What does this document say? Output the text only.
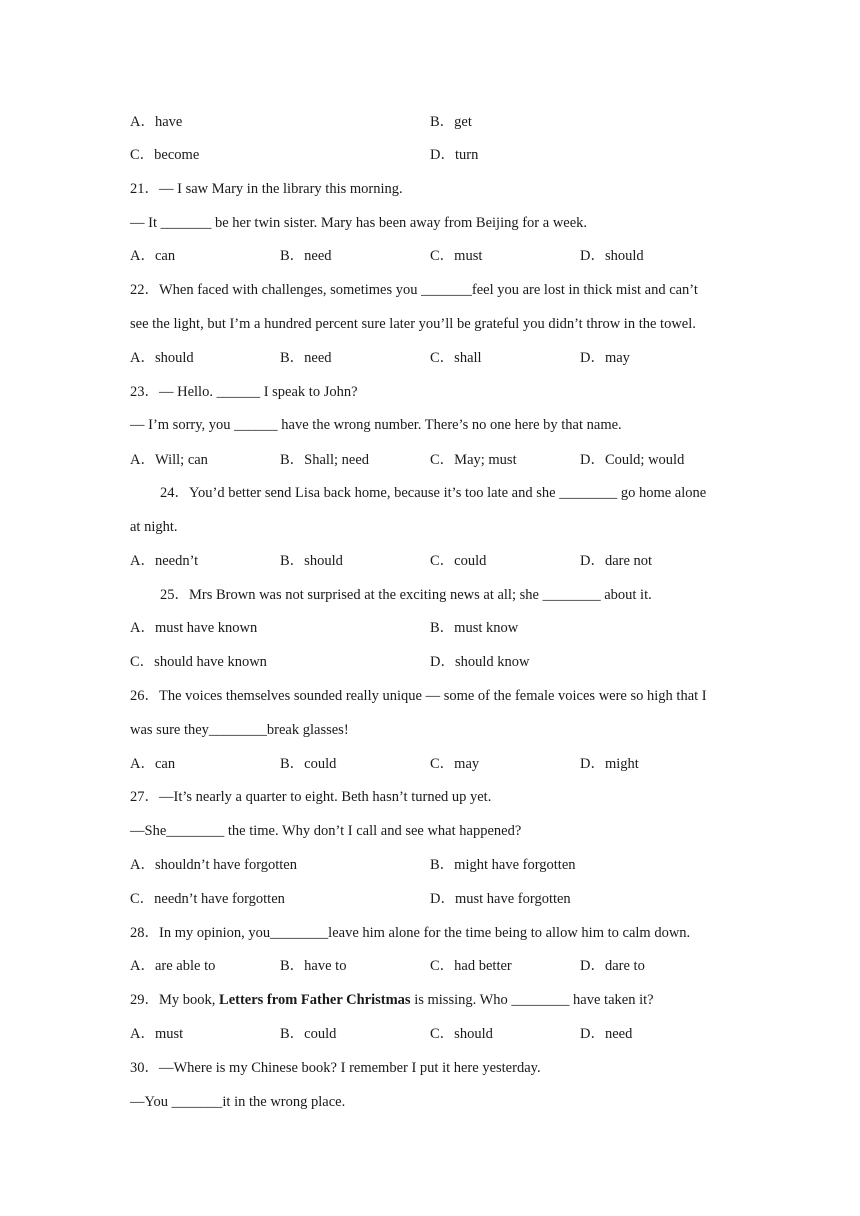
A．have	B．get
C．become	D．turn
21．— I saw Mary in the library this morning.
— It _______ be her twin sister. Mary has been away from Beijing for a week.
A．can	B．need	C．must	D．should
22．When faced with challenges, sometimes you _______feel you are lost in thick mist and can’t
see the light, but I’m a hundred percent sure later you’ll be grateful you didn’t throw in the towel.
A．should	B．need	C．shall	D．may
23．— Hello. ______ I speak to John?
— I’m sorry, you ______ have the wrong number. There’s no one here by that name.
A．Will; can	B．Shall; need	C．May; must	D．Could; would
24．You’d better send Lisa back home, because it’s too late and she ________ go home alone
at night.
A．needn’t	B．should	C．could	D．dare not
25．Mrs Brown was not surprised at the exciting news at all; she ________ about it.
A．must have known	B．must know
C．should have known	D．should know
26．The voices themselves sounded really unique — some of the female voices were so high that I
was sure they________break glasses!
A．can	B．could	C．may	D．might
27．—It’s nearly a quarter to eight. Beth hasn’t turned up yet.
—She________ the time. Why don’t I call and see what happened?
A．shouldn’t have forgotten	B．might have forgotten
C．needn’t have forgotten	D．must have forgotten
28．In my opinion, you________leave him alone for the time being to allow him to calm down.
A．are able to	B．have to	C．had better	D．dare to
29．My book, Letters from Father Christmas is missing. Who ________ have taken it?
A．must	B．could	C．should	D．need
30．—Where is my Chinese book? I remember I put it here yesterday.
—You _______it in the wrong place.
